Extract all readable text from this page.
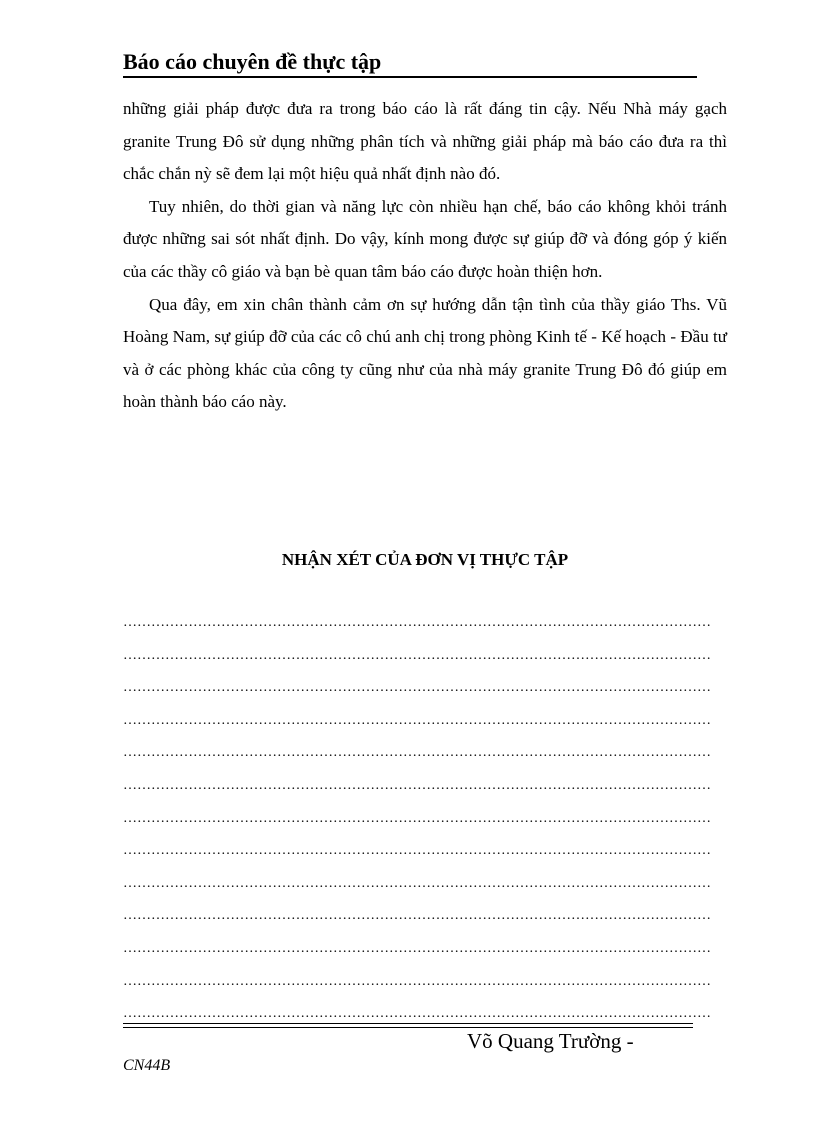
Báo cáo chuyên đề thực tập

những giải pháp được đưa ra trong báo cáo là rất đáng tin cậy. Nếu Nhà máy gạch granite Trung Đô sử dụng những phân tích và những giải pháp mà báo cáo đưa ra thì chắc chắn nỳ sẽ đem lại một hiệu quả nhất định nào đó.

Tuy nhiên, do thời gian và năng lực còn nhiều hạn chế, báo cáo không khỏi tránh được những sai sót nhất định. Do vậy, kính mong được sự giúp đỡ và đóng góp ý kiến của các thầy cô giáo và bạn bè quan tâm báo cáo được hoàn thiện hơn.

Qua đây, em xin chân thành cảm ơn sự hướng dẫn tận tình của thầy giáo Ths. Vũ Hoàng Nam, sự giúp đỡ của các cô chú anh chị trong phòng Kinh tế - Kế hoạch - Đầu tư và ở các phòng khác của công ty cũng như của nhà máy granite Trung Đô đó giúp em hoàn thành báo cáo này.

NHẬN XÉT CỦA ĐƠN VỊ THỰC TẬP
………………………………………………………………………………………………………………
………………………………………………………………………………………………………………
………………………………………………………………………………………………………………
………………………………………………………………………………………………………………
………………………………………………………………………………………………………………
………………………………………………………………………………………………………………
………………………………………………………………………………………………………………
………………………………………………………………………………………………………………
………………………………………………………………………………………………………………
………………………………………………………………………………………………………………
………………………………………………………………………………………………………………
………………………………………………………………………………………………………………
………………………………………………………………………………………………………………
Võ Quang Trường -
CN44B
